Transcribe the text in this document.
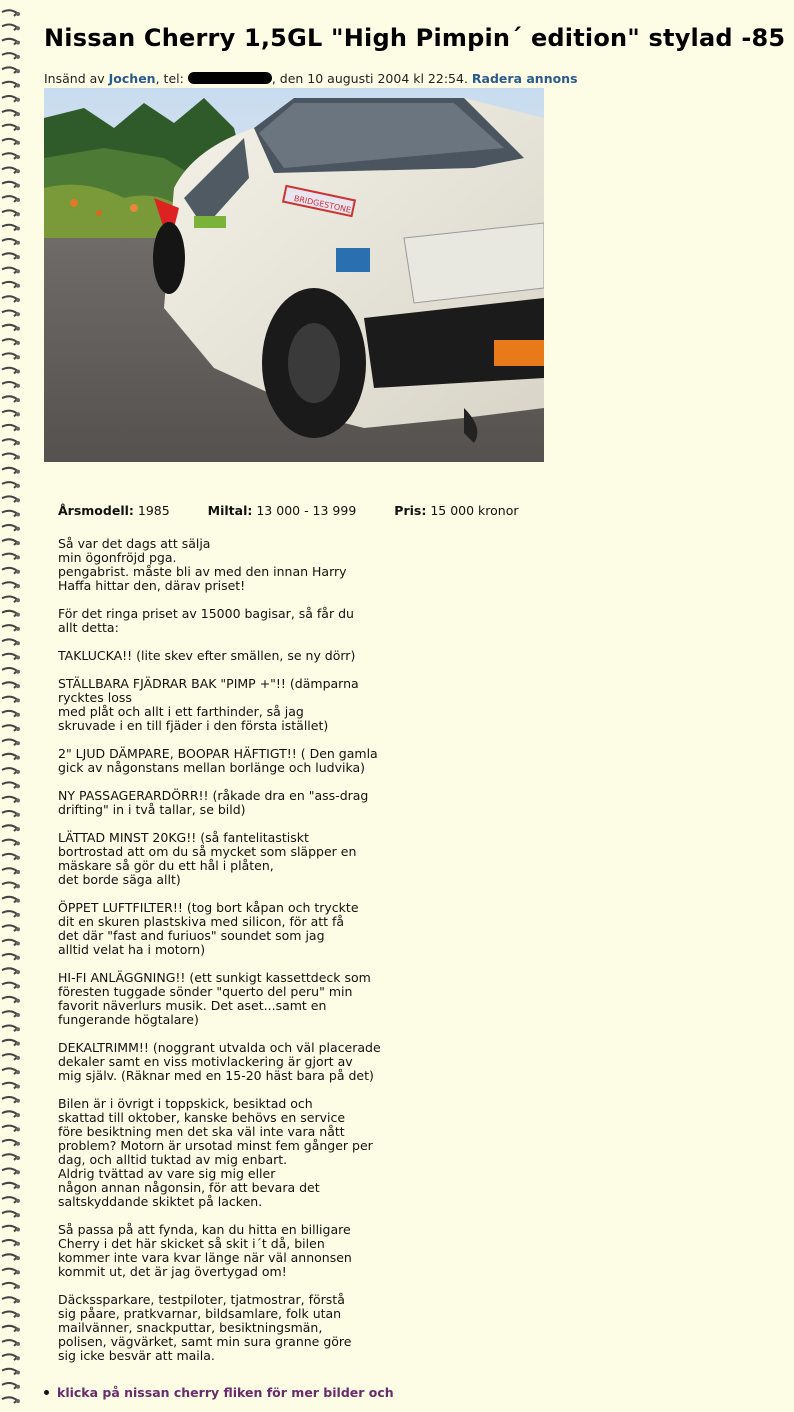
Nissan Cherry 1,5GL "High Pimpin´ edition" stylad -85
Insänd av Jochen, tel:	, den 10 augusti 2004 kl 22:54. Radera annons
BRIDGESTONE
Årsmodell: 1985	Miltal: 13 000 - 13 999	Pris: 15 000 kronor

Så var det dags att sälja
min ögonfröjd pga.
pengabrist. måste bli av med den innan Harry
Haffa hittar den, därav priset!

För det ringa priset av 15000 bagisar, så får du
allt detta:

TAKLUCKA!! (lite skev efter smällen, se ny dörr)

STÄLLBARA FJÄDRAR BAK "PIMP +"!! (dämparna
rycktes loss
med plåt och allt i ett farthinder, så jag
skruvade i en till fjäder i den första istället)

2" LJUD DÄMPARE, BOOPAR HÄFTIGT!! ( Den gamla
gick av någonstans mellan borlänge och ludvika)

NY PASSAGERARDÖRR!! (råkade dra en "ass-drag
drifting" in i två tallar, se bild)

LÄTTAD MINST 20KG!! (så fantelitastiskt
bortrostad att om du så mycket som släpper en
mäskare så gör du ett hål i plåten,
det borde säga allt)

ÖPPET LUFTFILTER!! (tog bort kåpan och tryckte
dit en skuren plastskiva med silicon, för att få
det där "fast and furiuos" soundet som jag
alltid velat ha i motorn)

HI-FI ANLÄGGNING!! (ett sunkigt kassettdeck som
föresten tuggade sönder "querto del peru" min
favorit näverlurs musik. Det aset...samt en
fungerande högtalare)

DEKALTRIMM!! (noggrant utvalda och väl placerade
dekaler samt en viss motivlackering är gjort av
mig själv. (Räknar med en 15-20 häst bara på det)

Bilen är i övrigt i toppskick, besiktad och
skattad till oktober, kanske behövs en service
före besiktning men det ska väl inte vara nått
problem? Motorn är ursotad minst fem gånger per
dag, och alltid tuktad av mig enbart.
Aldrig tvättad av vare sig mig eller
någon annan någonsin, för att bevara det
saltskyddande skiktet på lacken.

Så passa på att fynda, kan du hitta en billigare
Cherry i det här skicket så skit i´t då, bilen
kommer inte vara kvar länge när väl annonsen
kommit ut, det är jag övertygad om!

Däckssparkare, testpiloter, tjatmostrar, förstå
sig påare, pratkvarnar, bildsamlare, folk utan
mailvänner, snackputtar, besiktningsmän,
polisen, vägvärket, samt min sura granne göre
sig icke besvär att maila.

klicka på nissan cherry fliken för mer bilder och
